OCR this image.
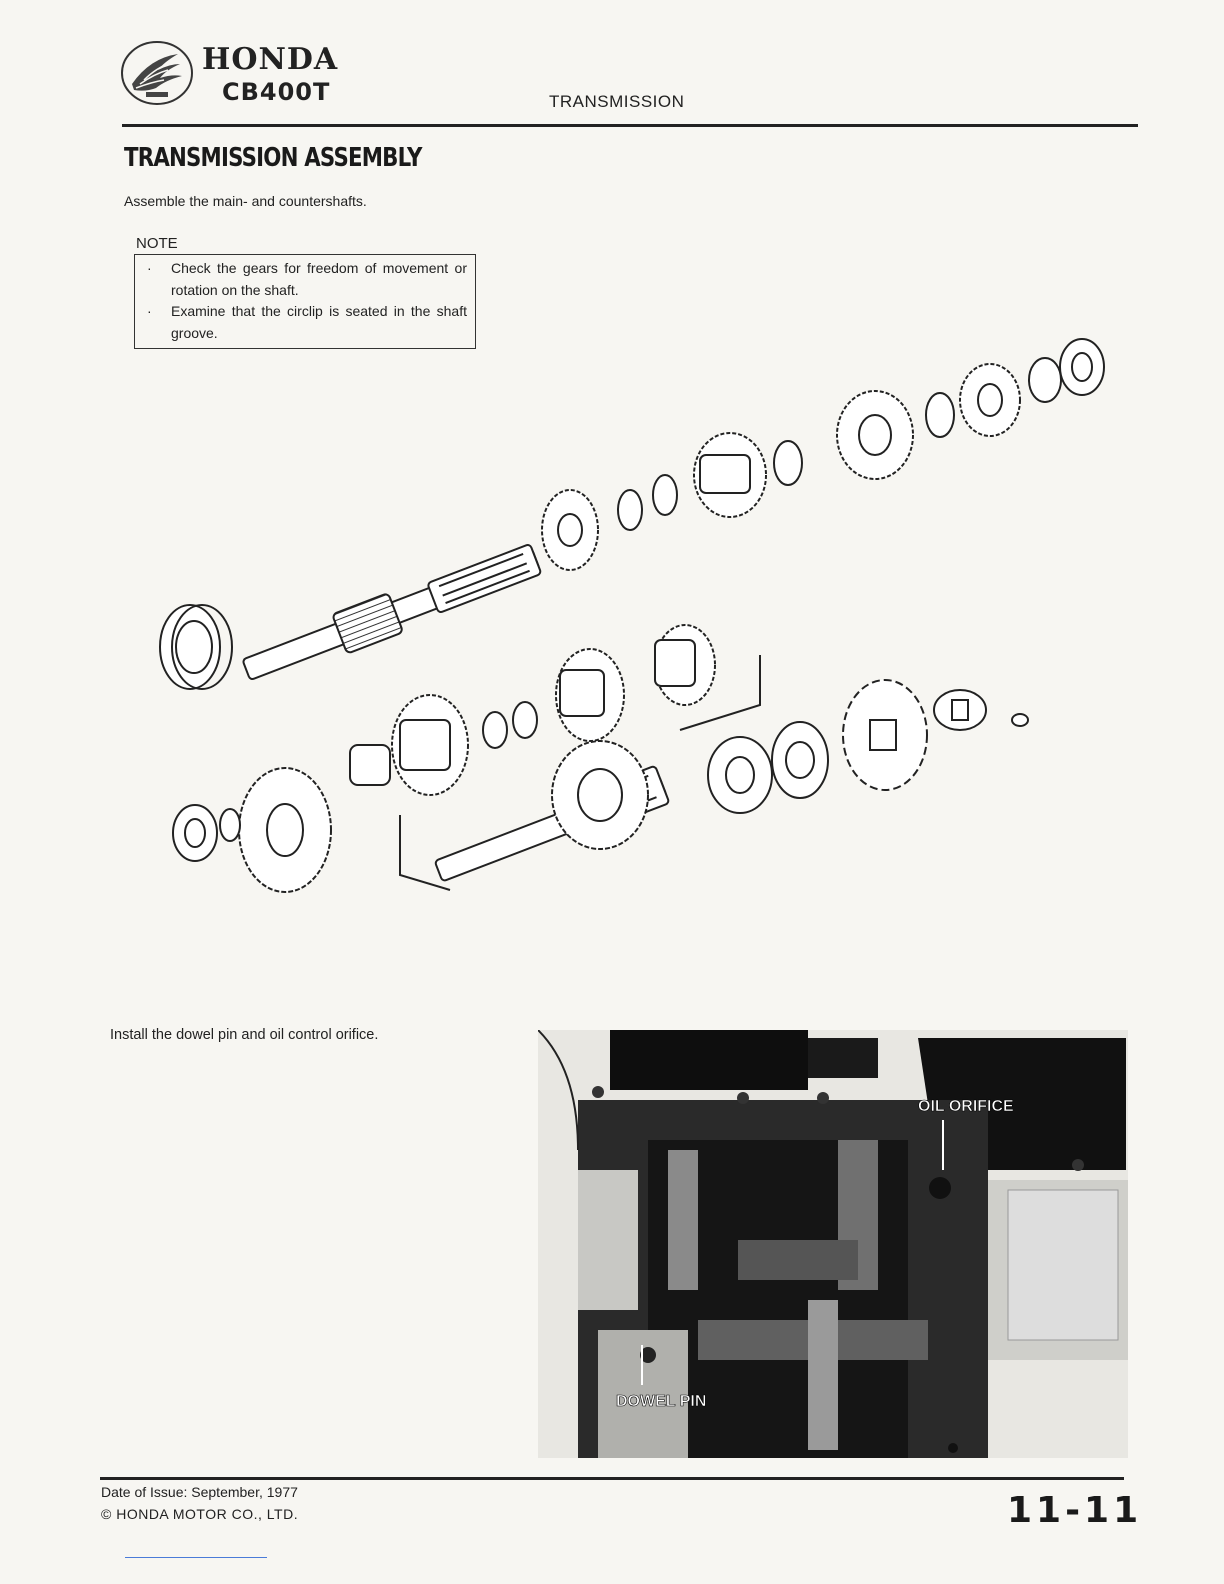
HONDA
CB400T	TRANSMISSION
TRANSMISSION ASSEMBLY
Assemble the main- and countershafts.
NOTE
·	Check the gears for freedom of movement or rotation on the shaft.
·	Examine that the circlip is seated in the shaft groove.
Install the dowel pin and oil control orifice.
OIL ORIFICE
DOWEL PIN
Date of Issue: September, 1977
© HONDA MOTOR CO., LTD.	11-11
